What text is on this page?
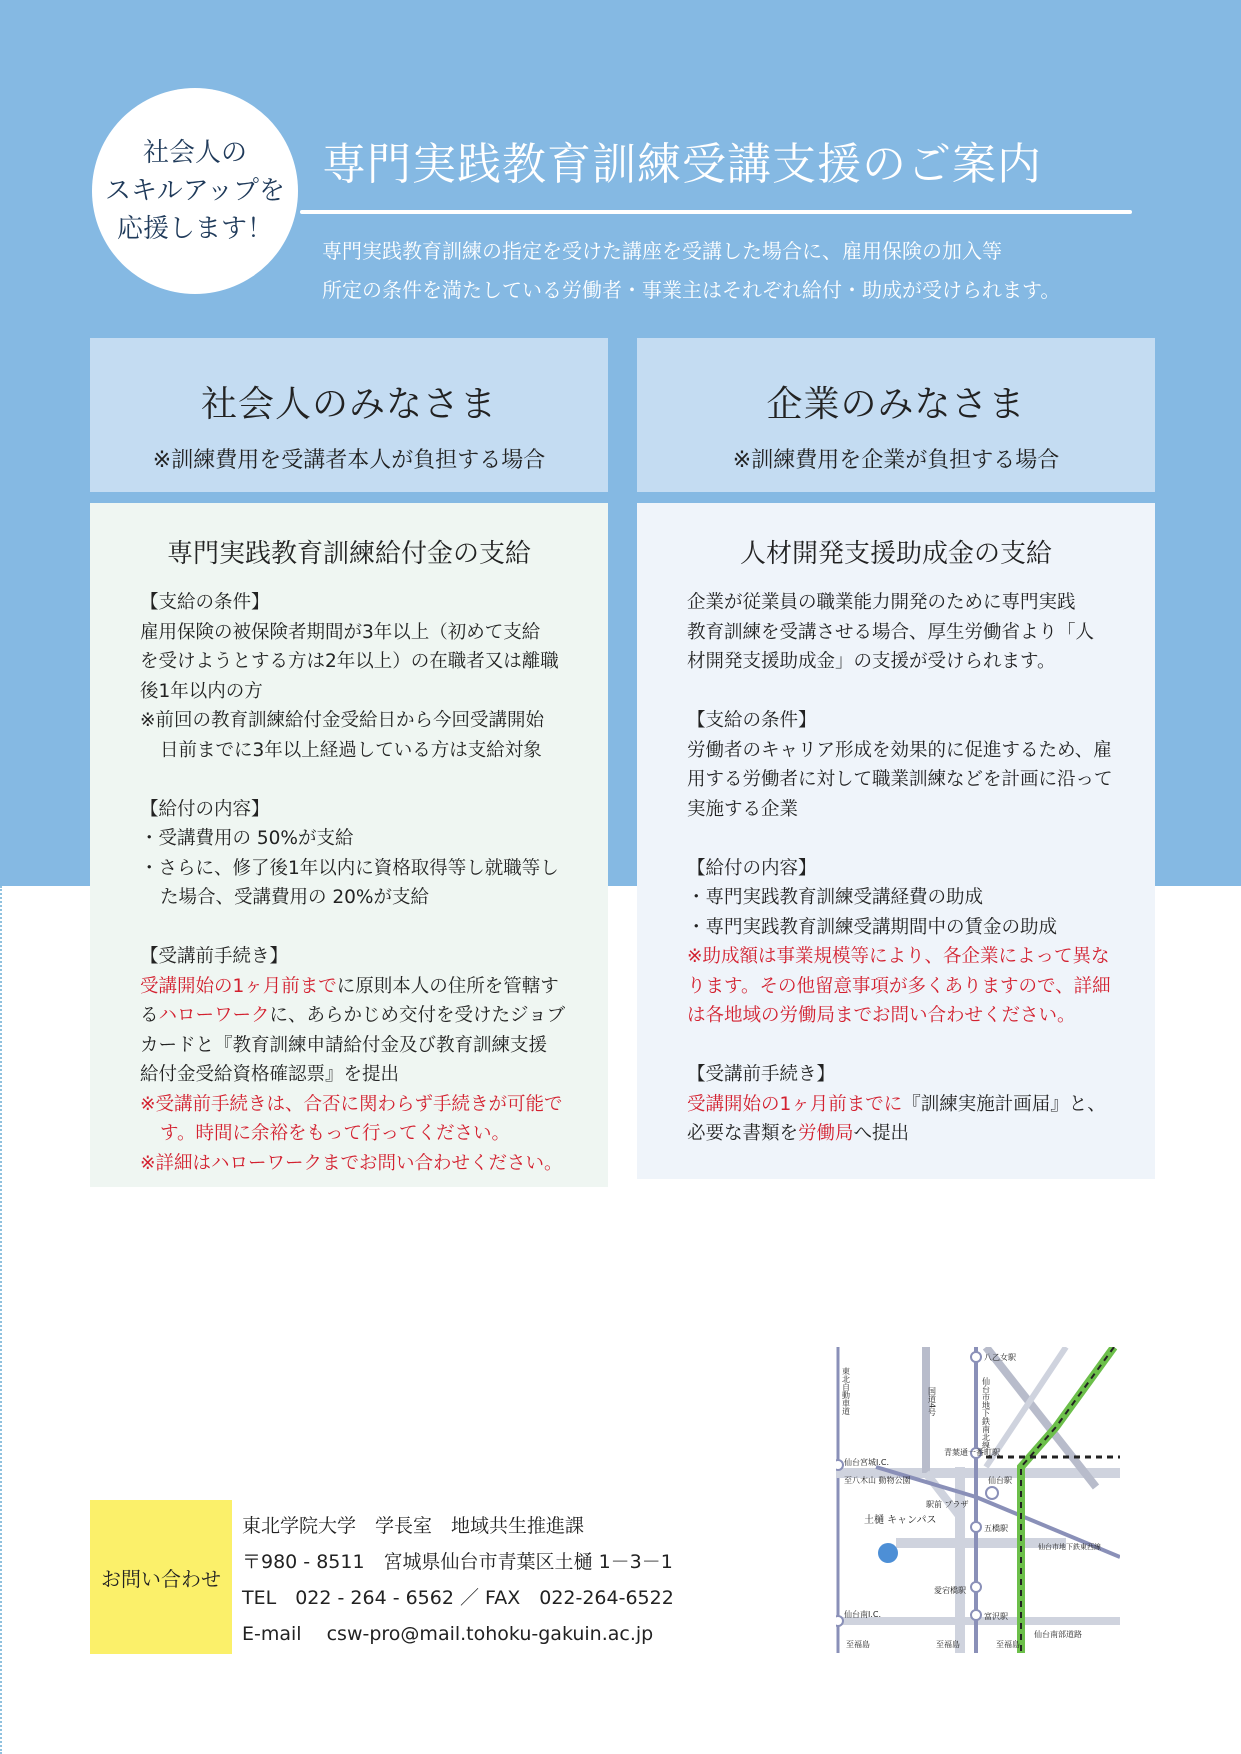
社会人の
スキルアップを
応援します！
専門実践教育訓練受講支援のご案内
専門実践教育訓練の指定を受けた講座を受講した場合に、雇用保険の加入等
所定の条件を満たしている労働者・事業主はそれぞれ給付・助成が受けられます。
社会人のみなさま
※訓練費用を受講者本人が負担する場合
企業のみなさま
※訓練費用を企業が負担する場合
専門実践教育訓練給付金の支給
【支給の条件】
雇用保険の被保険者期間が3年以上（初めて支給
を受けようとする方は2年以上）の在職者又は離職
後1年以内の方
※前回の教育訓練給付金受給日から今回受講開始
日前までに3年以上経過している方は支給対象
【給付の内容】
・受講費用の 50%が支給
・さらに、修了後1年以内に資格取得等し就職等し
た場合、受講費用の 20%が支給
【受講前手続き】
受講開始の1ヶ月前までに原則本人の住所を管轄す
るハローワークに、あらかじめ交付を受けたジョブ
カードと『教育訓練申請給付金及び教育訓練支援
給付金受給資格確認票』を提出
※受講前手続きは、合否に関わらず手続きが可能で
す。時間に余裕をもって行ってください。
※詳細はハローワークまでお問い合わせください。
人材開発支援助成金の支給
企業が従業員の職業能力開発のために専門実践
教育訓練を受講させる場合、厚生労働省より「人
材開発支援助成金」の支援が受けられます。
【支給の条件】
労働者のキャリア形成を効果的に促進するため、雇
用する労働者に対して職業訓練などを計画に沿って
実施する企業
【給付の内容】
・専門実践教育訓練受講経費の助成
・専門実践教育訓練受講期間中の賃金の助成
※助成額は事業規模等により、各企業によって異な
ります。その他留意事項が多くありますので、詳細
は各地域の労働局までお問い合わせください。
【受講前手続き】
受講開始の1ヶ月前までに『訓練実施計画届』と、
必要な書類を労働局へ提出
お問い合わせ
東北学院大学　学長室　地域共生推進課
〒980 - 8511　宮城県仙台市青葉区土樋 1－3－1
TEL　022 - 264 - 6562 ／ FAX　022-264-6522
E-mail　 csw-pro@mail.tohoku-gakuin.ac.jp
東北自動車道
八乙女駅
仙台市地下鉄南北線
国道4号
仙台宮城I.C.
至八木山 動物公園
青葉通一番町駅
仙台駅
駅前 プラザ
五橋駅
土樋 キャンパス
仙台市地下鉄東西線
愛宕橋駅
富沢駅
仙台南I.C.
仙台南部道路
至福島	至福島	至福島
